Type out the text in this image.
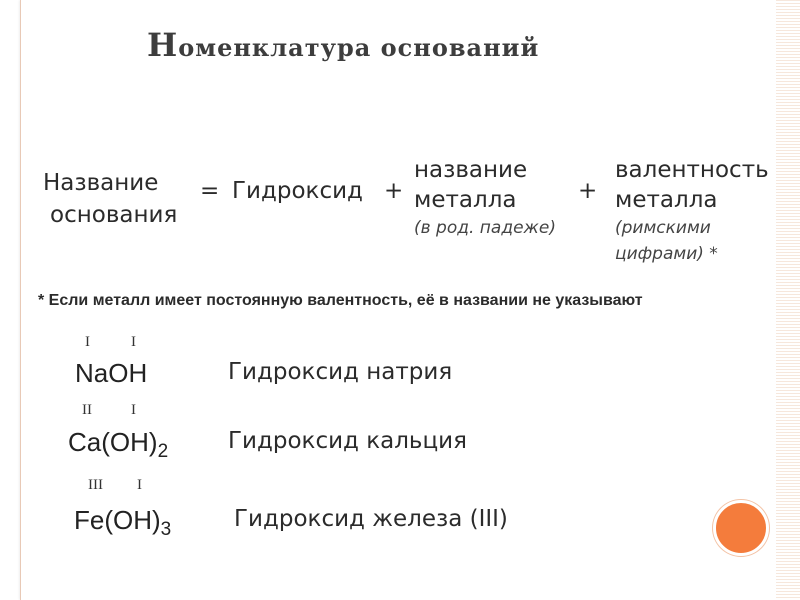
Номенклатура оснований
Название
основания
= Гидроксид +
название
металла
(в род. падеже)
+
валентность
металла
(римскими
цифрами) *
* Если металл имеет постоянную валентность, её в названии не указывают
I	I
NaOH	Гидроксид натрия
II	I
$Ca(OH)_2$	Гидроксид кальция
III I
$Fe(OH)_3$	Гидроксид железа (III)
